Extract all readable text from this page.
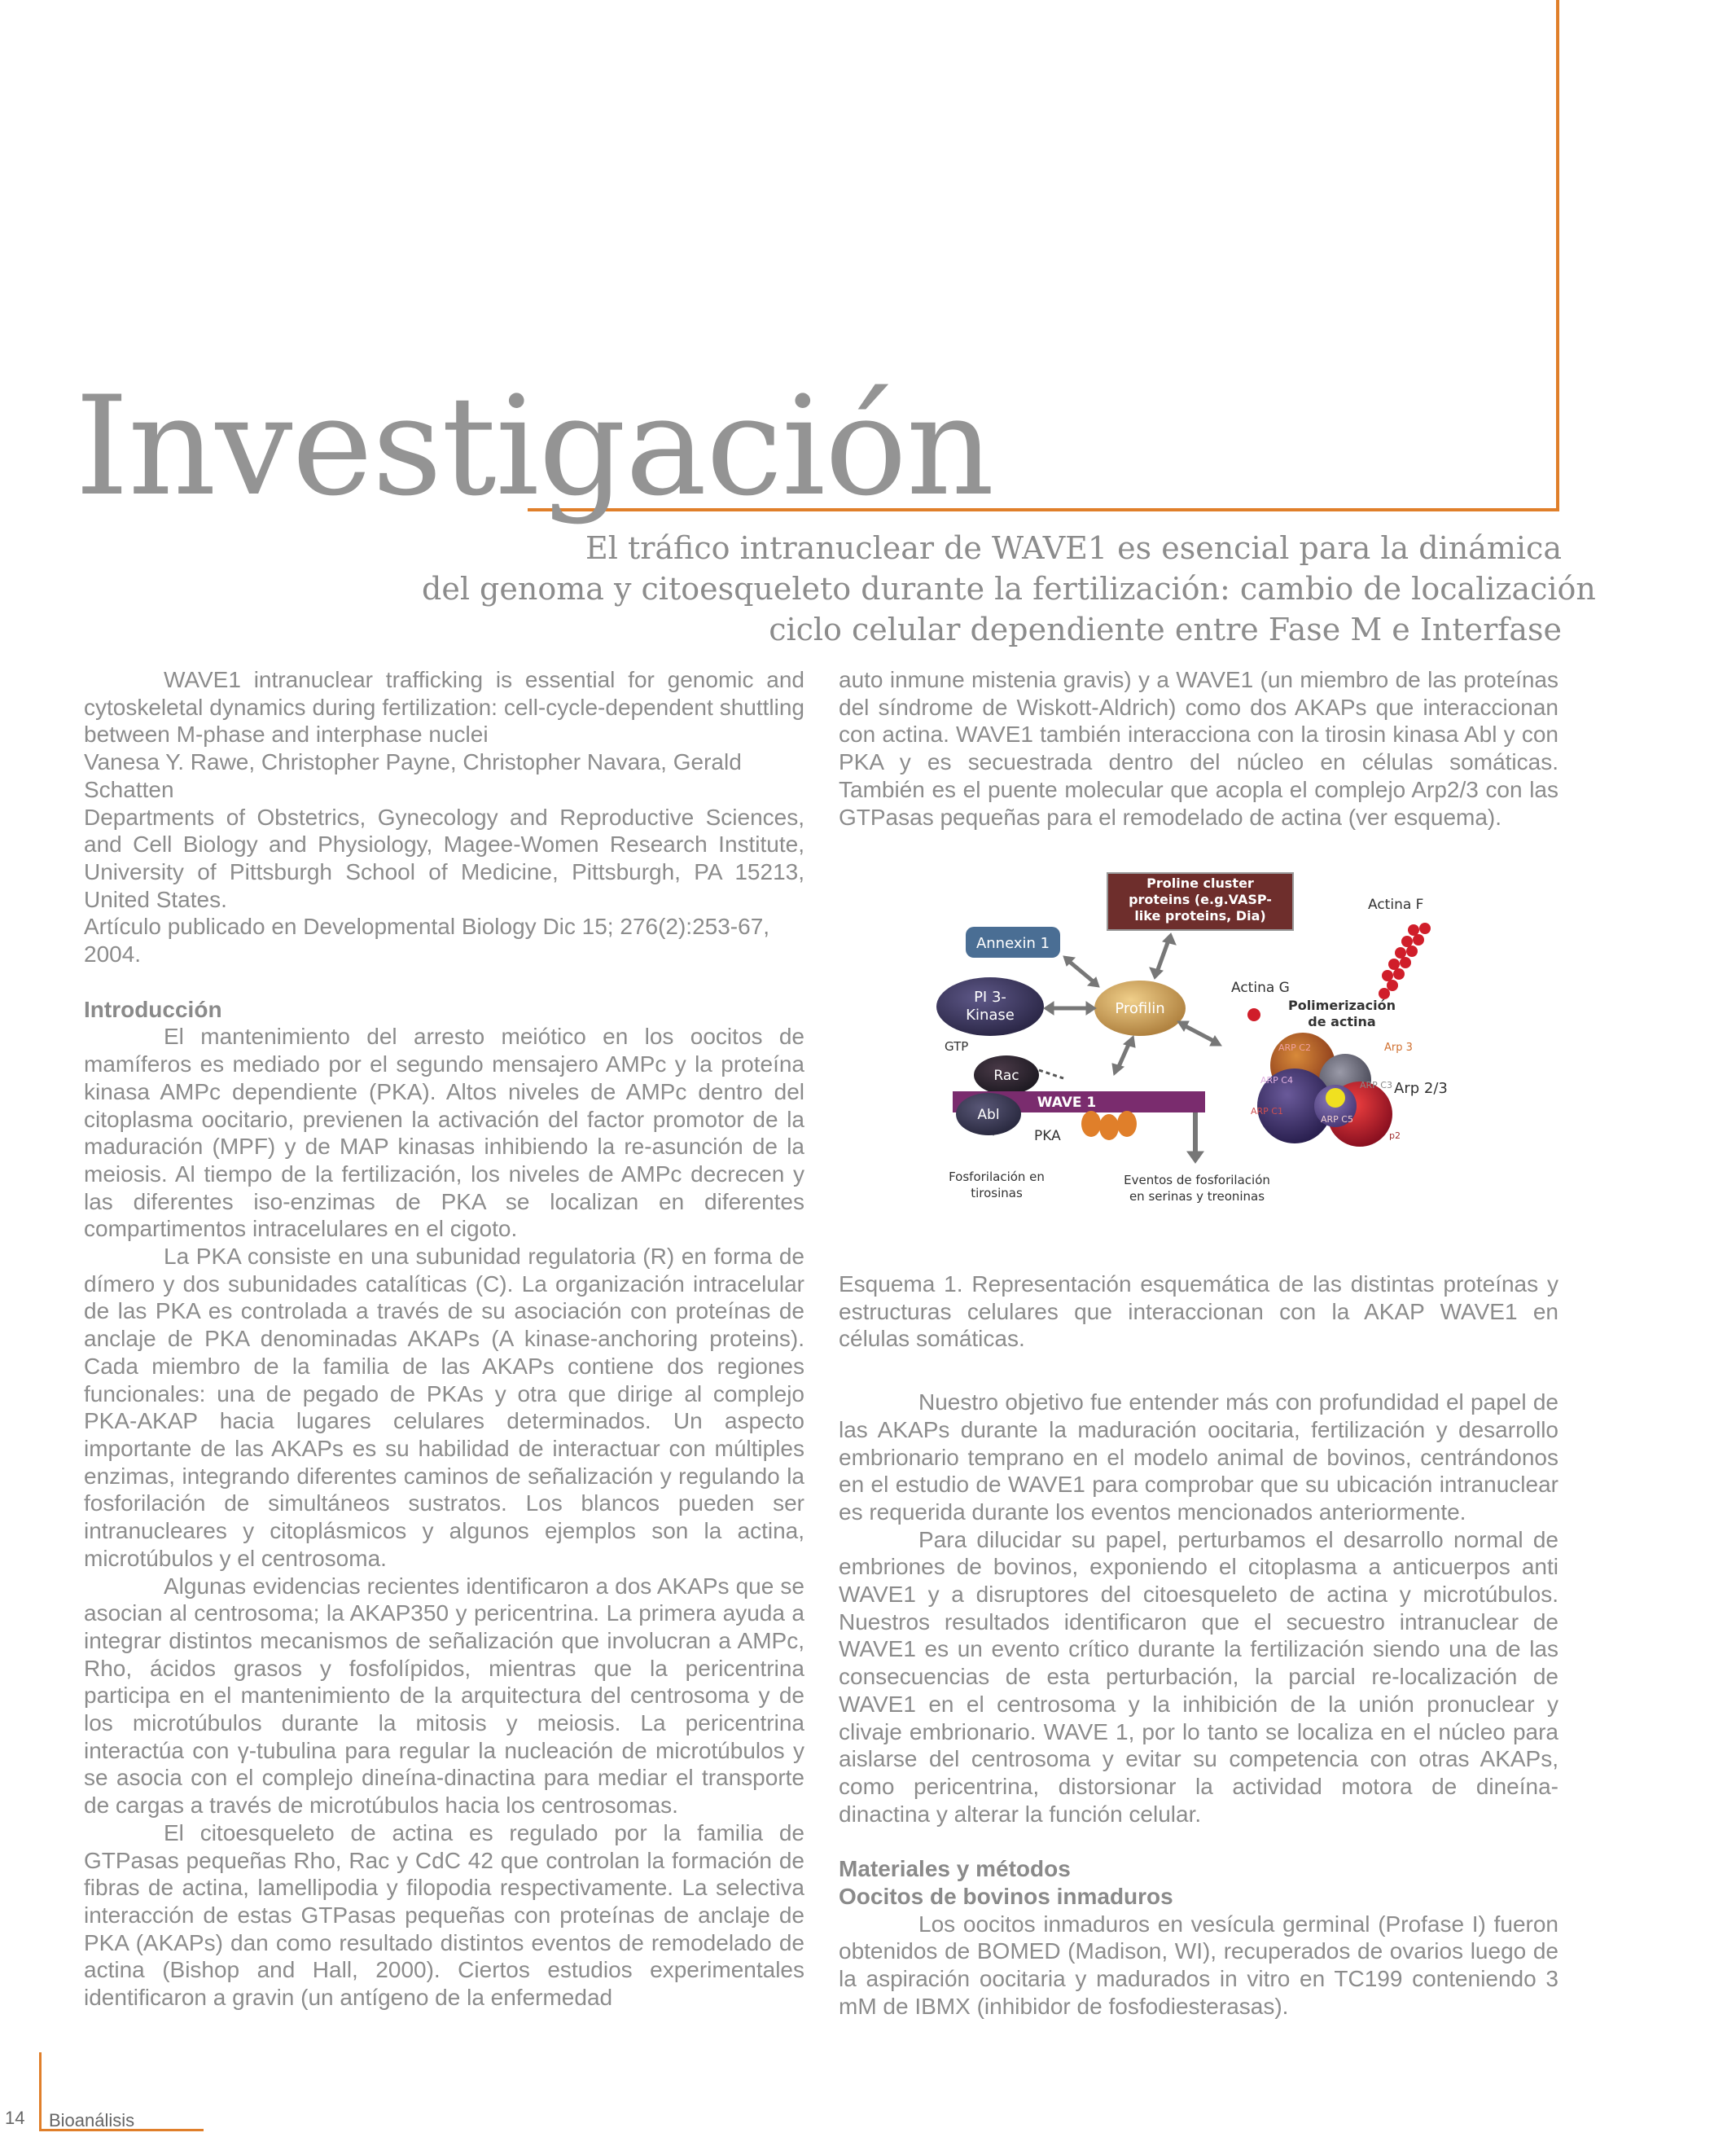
Investigación
El tráfico intranuclear de WAVE1 es esencial para la dinámica
del genoma y citoesqueleto durante la fertilización: cambio de localización
ciclo celular dependiente entre Fase M e Interfase

WAVE1 intranuclear trafficking is essential for genomic and cytoskeletal dynamics during fertilization: cell-cycle-dependent shuttling between M-phase and interphase nuclei

Vanesa Y. Rawe, Christopher Payne, Christopher Navara, Gerald Schatten

Departments of Obstetrics, Gynecology and Reproductive Sciences, and Cell Biology and Physiology, Magee-Women Research Institute, University of Pittsburgh School of Medicine, Pittsburgh, PA 15213, United States.

Artículo publicado en Developmental Biology Dic 15; 276(2):253-67, 2004.

Introducción

El mantenimiento del arresto meiótico en los oocitos de mamíferos es mediado por el segundo mensajero AMPc y la proteína kinasa AMPc dependiente (PKA). Altos niveles de AMPc dentro del citoplasma oocitario, previenen la activación del factor promotor de la maduración (MPF) y de MAP kinasas inhibiendo la re-asunción de la meiosis. Al tiempo de la fertilización, los niveles de AMPc decrecen y las diferentes iso-enzimas de PKA se localizan en diferentes compartimentos intracelulares en el cigoto.

La PKA consiste en una subunidad regulatoria (R) en forma de dímero y dos subunidades catalíticas (C). La organización intracelular de las PKA es controlada a través de su asociación con proteínas de anclaje de PKA denominadas AKAPs (A kinase-anchoring proteins). Cada miembro de la familia de las AKAPs contiene dos regiones funcionales: una de pegado de PKAs y otra que dirige al complejo PKA-AKAP hacia lugares celulares determinados. Un aspecto importante de las AKAPs es su habilidad de interactuar con múltiples enzimas, integrando diferentes caminos de señalización y regulando la fosforilación de simultáneos sustratos. Los blancos pueden ser intranucleares y citoplásmicos y algunos ejemplos son la actina, microtúbulos y el centrosoma.

Algunas evidencias recientes identificaron a dos AKAPs que se asocian al centrosoma; la AKAP350 y pericentrina. La primera ayuda a integrar distintos mecanismos de señalización que involucran a AMPc, Rho, ácidos grasos y fosfolípidos, mientras que la pericentrina participa en el mantenimiento de la arquitectura del centrosoma y de los microtúbulos durante la mitosis y meiosis. La pericentrina interactúa con γ-tubulina para regular la nucleación de microtúbulos y se asocia con el complejo dineína-dinactina para mediar el transporte de cargas a través de microtúbulos hacia los centrosomas.

El citoesqueleto de actina es regulado por la familia de GTPasas pequeñas Rho, Rac y CdC 42 que controlan la formación de fibras de actina, lamellipodia y filopodia respectivamente. La selectiva interacción de estas GTPasas pequeñas con proteínas de anclaje de PKA (AKAPs) dan como resultado distintos eventos de remodelado de actina (Bishop and Hall, 2000). Ciertos estudios experimentales identificaron a gravin (un antígeno de la enfermedad

auto inmune mistenia gravis) y a WAVE1 (un miembro de las proteínas del síndrome de Wiskott-Aldrich) como dos AKAPs que interaccionan con actina. WAVE1 también interacciona con la tirosin kinasa Abl y con PKA y es secuestrada dentro del núcleo en células somáticas. También es el puente molecular que acopla el complejo Arp2/3 con las GTPasas pequeñas para el remodelado de actina (ver esquema).

Proline cluster
proteins (e.g.VASP-
like proteins, Dia)
Actina F
Annexin 1
PI 3-
Kinase	Profilin
Actina G
Polimerización
de actina
GTP
Rac
WAVE 1
PKA
Abl
ARP C2	Arp 3
ARP C4	ARP C3
ARP C1
ARP C5
p2
Arp 2/3
Fosforilación en
tirosinas
Eventos de fosforilación
en serinas y treoninas

Esquema 1. Representación esquemática de las distintas proteínas y estructuras celulares que interaccionan con la AKAP WAVE1 en células somáticas.

Nuestro objetivo fue entender más con profundidad el papel de las AKAPs durante la maduración oocitaria, fertilización y desarrollo embrionario temprano en el modelo animal de bovinos, centrándonos en el estudio de WAVE1 para comprobar que su ubicación intranuclear es requerida durante los eventos mencionados anteriormente.

Para dilucidar su papel, perturbamos el desarrollo normal de embriones de bovinos, exponiendo el citoplasma a anticuerpos anti WAVE1 y a disruptores del citoesqueleto de actina y microtúbulos. Nuestros resultados identificaron que el secuestro intranuclear de WAVE1 es un evento crítico durante la fertilización siendo una de las consecuencias de esta perturbación, la parcial re-localización de WAVE1 en el centrosoma y la inhibición de la unión pronuclear y clivaje embrionario. WAVE 1, por lo tanto se localiza en el núcleo para aislarse del centrosoma y evitar su competencia con otras AKAPs, como pericentrina, distorsionar la actividad motora de dineína-dinactina y alterar la función celular.

Materiales y métodos
Oocitos de bovinos inmaduros

Los oocitos inmaduros en vesícula germinal (Profase I) fueron obtenidos de BOMED (Madison, WI), recuperados de ovarios luego de la aspiración oocitaria y madurados in vitro en TC199 conteniendo 3 mM de IBMX (inhibidor de fosfodiesterasas).

14 Bioanálisis
